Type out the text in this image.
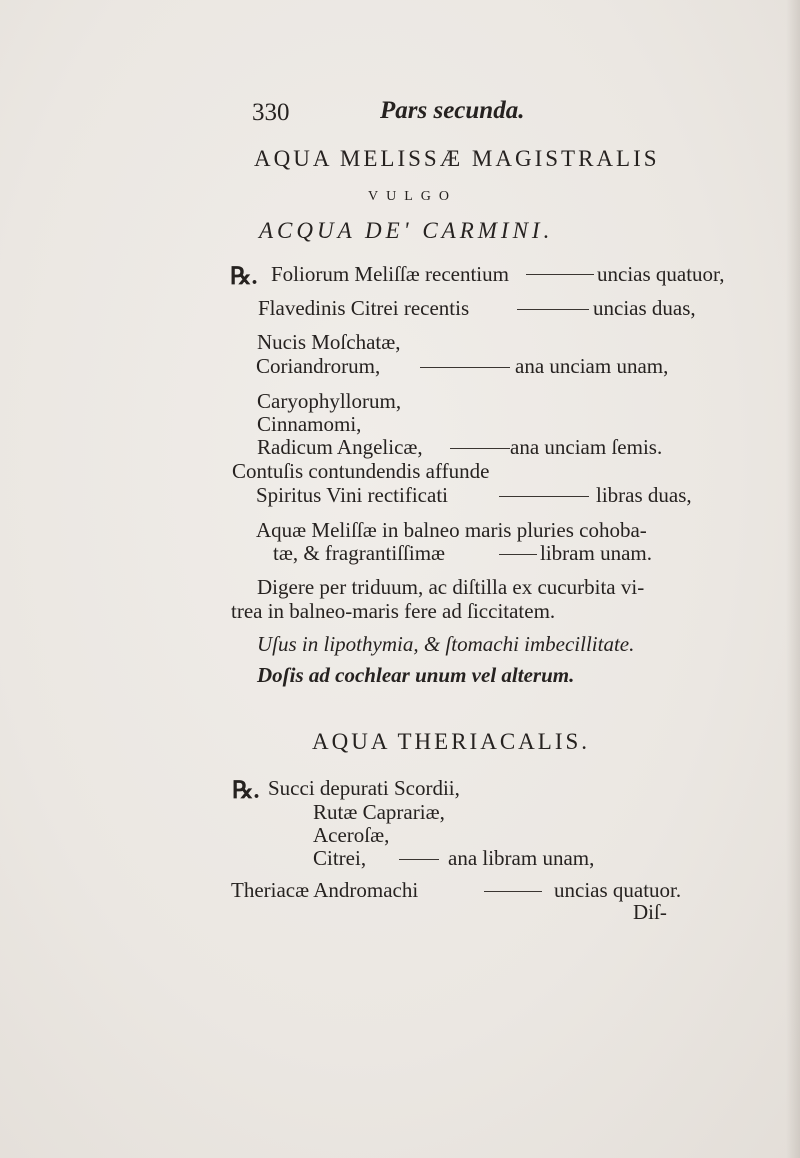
330	Pars secunda.
AQUA MELISSÆ MAGISTRALIS
VULGO
ACQUA DE' CARMINI.
℞. Foliorum Meliſſæ recentium	uncias quatuor,
Flavedinis Citrei recentis	uncias duas,
Nucis Moſchatæ,
Coriandrorum,	ana unciam unam,
Caryophyllorum,
Cinnamomi,
Radicum Angelicæ,	ana unciam ſemis.
Contuſis contundendis affunde
Spiritus Vini rectificati	libras duas,
Aquæ Meliſſæ in balneo maris pluries cohoba-
tæ, & fragrantiſſimæ	libram unam.
Digere per triduum, ac diſtilla ex cucurbita vi-
trea in balneo-maris fere ad ſiccitatem.
Uſus in lipothymia, & ſtomachi imbecillitate.
Doſis ad cochlear unum vel alterum.
AQUA THERIACALIS.
℞. Succi depurati Scordii,
Rutæ Caprariæ,
Aceroſæ,
Citrei,	ana libram unam,
Theriacæ Andromachi	uncias quatuor.
Diſ-
